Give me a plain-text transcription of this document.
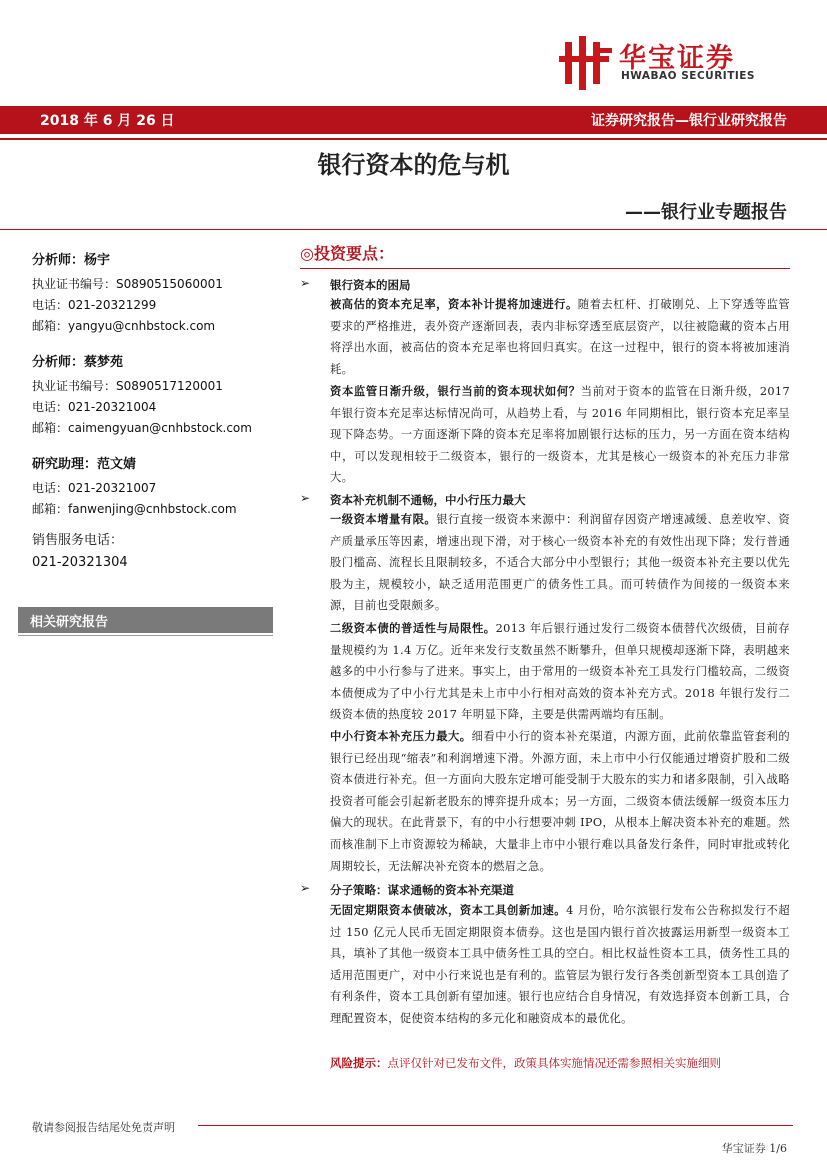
华宝证券
HWABAO SECURITIES
2018 年 6 月 26 日	证券研究报告—银行业研究报告
银行资本的危与机
——银行业专题报告
分析师：杨宇
执业证书编号：S0890515060001
电话：021-20321299
邮箱：yangyu@cnhbstock.com
分析师：蔡梦苑
执业证书编号：S0890517120001
电话：021-20321004
邮箱：caimengyuan@cnhbstock.com
研究助理：范文婧
电话：021-20321007
邮箱：fanwenjing@cnhbstock.com
销售服务电话：
021-20321304
相关研究报告
◎投资要点：
➢ 银行资本的困局
被高估的资本充足率，资本补计提将加速进行。随着去杠杆、打破刚兑、上下穿透等监管要求的严格推进，表外资产逐渐回表，表内非标穿透至底层资产，以往被隐藏的资本占用将浮出水面，被高估的资本充足率也将回归真实。在这一过程中，银行的资本将被加速消耗。
资本监管日渐升级，银行当前的资本现状如何？当前对于资本的监管在日渐升级，2017 年银行资本充足率达标情况尚可，从趋势上看，与 2016 年同期相比，银行资本充足率呈现下降态势。一方面逐渐下降的资本充足率将加剧银行达标的压力，另一方面在资本结构中，可以发现相较于二级资本，银行的一级资本，尤其是核心一级资本的补充压力非常大。
➢ 资本补充机制不通畅，中小行压力最大
一级资本增量有限。银行直接一级资本来源中：利润留存因资产增速减缓、息差收窄、资产质量承压等因素，增速出现下滑，对于核心一级资本补充的有效性出现下降；发行普通股门槛高、流程长且限制较多，不适合大部分中小型银行；其他一级资本补充主要以优先股为主，规模较小，缺乏适用范围更广的债务性工具。而可转债作为间接的一级资本来源，目前也受限颇多。
二级资本债的普适性与局限性。2013 年后银行通过发行二级资本债替代次级债，目前存量规模约为 1.4 万亿。近年来发行支数虽然不断攀升，但单只规模却逐渐下降，表明越来越多的中小行参与了进来。事实上，由于常用的一级资本补充工具发行门槛较高，二级资本债便成为了中小行尤其是未上市中小行相对高效的资本补充方式。2018 年银行发行二级资本债的热度较 2017 年明显下降，主要是供需两端均有压制。
中小行资本补充压力最大。细看中小行的资本补充渠道，内源方面，此前依靠监管套利的银行已经出现“缩表”和利润增速下滑。外源方面，未上市中小行仅能通过增资扩股和二级资本债进行补充。但一方面向大股东定增可能受制于大股东的实力和诸多限制，引入战略投资者可能会引起新老股东的博弈提升成本；另一方面，二级资本债法缓解一级资本压力偏大的现状。在此背景下，有的中小行想要冲刺 IPO，从根本上解决资本补充的难题。然而核准制下上市资源较为稀缺，大量非上市中小银行难以具备发行条件，同时审批或转化周期较长，无法解决补充资本的燃眉之急。
➢ 分子策略：谋求通畅的资本补充渠道
无固定期限资本债破冰，资本工具创新加速。4 月份，哈尔滨银行发布公告称拟发行不超过 150 亿元人民币无固定期限资本债券。这也是国内银行首次披露运用新型一级资本工具，填补了其他一级资本工具中债务性工具的空白。相比权益性资本工具，债务性工具的适用范围更广，对中小行来说也是有利的。监管层为银行发行各类创新型资本工具创造了有利条件，资本工具创新有望加速。银行也应结合自身情况，有效选择资本创新工具，合理配置资本，促使资本结构的多元化和融资成本的最优化。
风险提示：点评仅针对已发布文件，政策具体实施情况还需参照相关实施细则
敬请参阅报告结尾处免责声明
华宝证券 1/6
